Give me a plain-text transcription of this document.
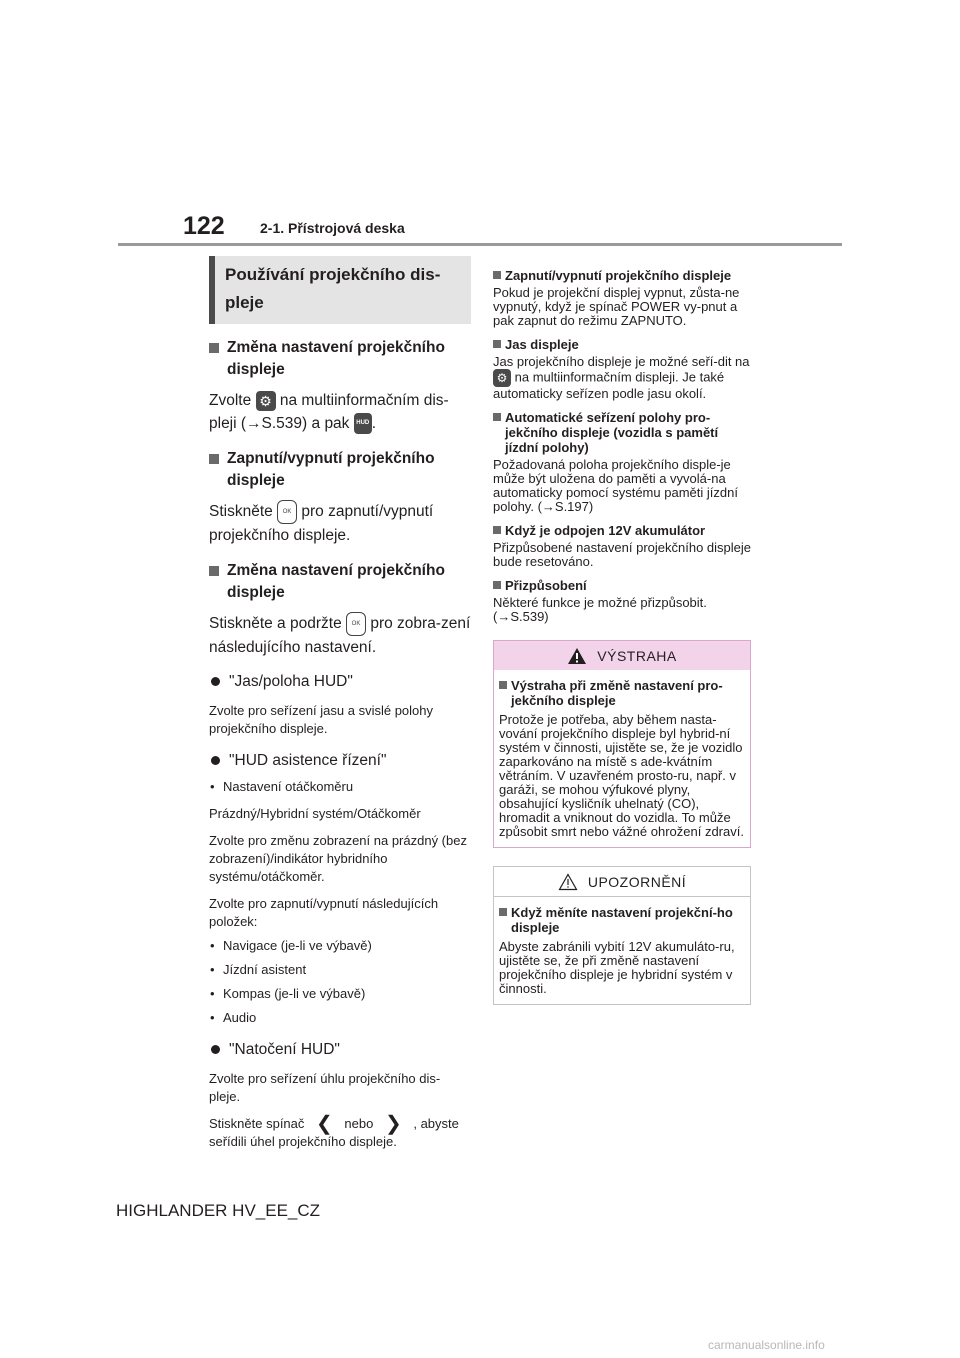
122	2-1. Přístrojová deska
Používání projekčního dis-pleje
Změna nastavení projekčního displeje
Zvolte ⚙ na multiinformačním dis-pleji (→S.539) a pak HUD .
Zapnutí/vypnutí projekčního displeje
Stiskněte OK pro zapnutí/vypnutí projekčního displeje.
Změna nastavení projekčního displeje
Stiskněte a podržte OK pro zobra-zení následujícího nastavení.
"Jas/poloha HUD"
Zvolte pro seřízení jasu a svislé polohy projekčního displeje.
"HUD asistence řízení"
• Nastavení otáčkoměru
Prázdný/Hybridní systém/Otáčkoměr
Zvolte pro změnu zobrazení na prázdný (bez zobrazení)/indikátor hybridního systému/otáčkoměr.
Zvolte pro zapnutí/vypnutí následujících položek:
• Navigace (je-li ve výbavě)
• Jízdní asistent
• Kompas (je-li ve výbavě)
• Audio
"Natočení HUD"
Zvolte pro seřízení úhlu projekčního dis-pleje.
Stiskněte spínač ❮ nebo ❯ , abyste seřídili úhel projekčního displeje.
Zapnutí/vypnutí projekčního displeje
Pokud je projekční displej vypnut, zůsta-ne vypnutý, když je spínač POWER vy-pnut a pak zapnut do režimu ZAPNUTO.
Jas displeje
Jas projekčního displeje je možné seří-dit na ⚙ na multiinformačním displeji. Je také automaticky seřízen podle jasu okolí.
Automatické seřízení polohy pro-jekčního displeje (vozidla s pamětí jízdní polohy)
Požadovaná poloha projekčního disple-je může být uložena do paměti a vyvolá-na automaticky pomocí systému paměti jízdní polohy. (→S.197)
Když je odpojen 12V akumulátor
Přizpůsobené nastavení projekčního displeje bude resetováno.
Přizpůsobení
Některé funkce je možné přizpůsobit. (→S.539)
VÝSTRAHA
Výstraha při změně nastavení pro-jekčního displeje
Protože je potřeba, aby během nasta-vování projekčního displeje byl hybrid-ní systém v činnosti, ujistěte se, že je vozidlo zaparkováno na místě s ade-kvátním větráním. V uzavřeném prosto-ru, např. v garáži, se mohou výfukové plyny, obsahující kysličník uhelnatý (CO), hromadit a vniknout do vozidla. To může způsobit smrt nebo vážné ohrožení zdraví.
UPOZORNĚNÍ
Když měníte nastavení projekční-ho displeje
Abyste zabránili vybití 12V akumuláto-ru, ujistěte se, že při změně nastavení projekčního displeje je hybridní systém v činnosti.
HIGHLANDER HV_EE_CZ
carmanualsonline.info
